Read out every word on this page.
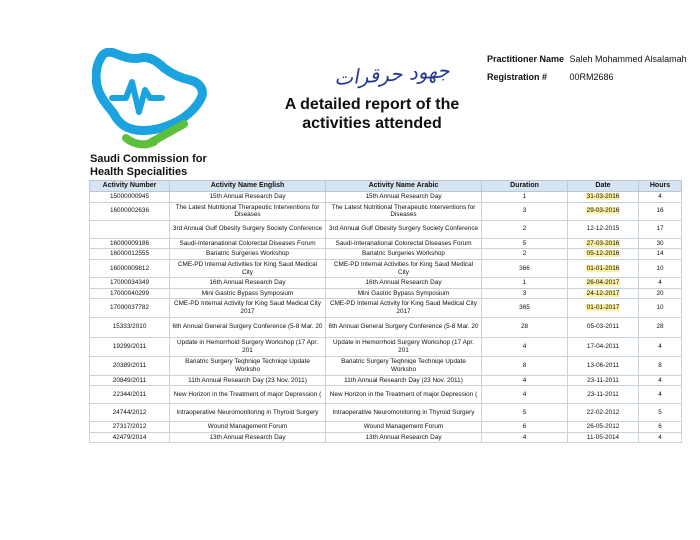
Saudi Commission for
Health Specialities
جهود حرقرات
A detailed report of the
activities attended
Practitioner Name Saleh Mohammed Alsalamah
Registration #	00RM2686
Activity Number	Activity Name English	Activity Name Arabic	Duration	Date	Hours
15000000945	15th Annual Research Day	15th Annual Research Day	1	31-03-2016	4
16000002636	The Latest Nutritional Therapeutic Interventions for Diseases	The Latest Nutritional Therapeutic Interventions for Diseases	3	29-03-2016	16
	3rd Annual Gulf Obesity Surgery Society Conference	3rd Annual Gulf Obesity Surgery Society Conference	2	12-12-2015	17
16000009186	Saudi-Interanational Colorectal Diseases Forum	Saudi-Interanational Colorectal Diseases Forum	5	27-03-2016	30
16000012555	Bariatric Surgeries Workshop	Bariatric Surgeries Workshop	2	05-12-2016	14
16000009812	CME-PD Internal Activities for King Saud Medical City	CME-PD Internal Activities for King Saud Medical City	366	01-01-2016	10
17000034349	16th Annual Research Day	16th Annual Research Day	1	26-04-2017	4
17000040299	Mini Gastric Bypass Symposium	Mini Gastric Bypass Symposium	3	24-12-2017	20
17000037782	CME-PD Internal Activity for King Saud Medical City 2017	CME-PD Internal Activity for King Saud Medical City 2017	365	01-01-2017	10
15333/2010	6th Annual General Surgery Conference (5-8 Mar. 20	6th Annual General Surgery Conference (5-8 Mar. 20	28	05-03-2011	28
19299/2011	Update in Hemorrhoid Surgery Workshop (17 Apr. 201	Update in Hemorrhoid Surgery Workshop (17 Apr. 201	4	17-04-2011	4
20389/2011	Bariatric Surgery Teqhniqe Techniqe Update Worksho	Bariatric Surgery Teqhniqe Techniqe Update Worksho	8	13-06-2011	8
20849/2011	11th Annual Research Day (23 Nov. 2011)	11th Annual Research Day (23 Nov. 2011)	4	23-11-2011	4
22344/2011	New Horizon in the Treatment of major Depression (	New Horizon in the Treatment of major Depression (	4	23-11-2011	4
24744/2012	Intraoperative Neuromonitoring in Thyroid Surgery	Intraoperative Neuromonitoring in Thyroid Surgery	5	22-02-2012	5
27317/2012	Wound Management Forum	Wound Management Forum	6	26-05-2012	6
42479/2014	13th Annual Research Day	13th Annual Research Day	4	11-05-2014	4
